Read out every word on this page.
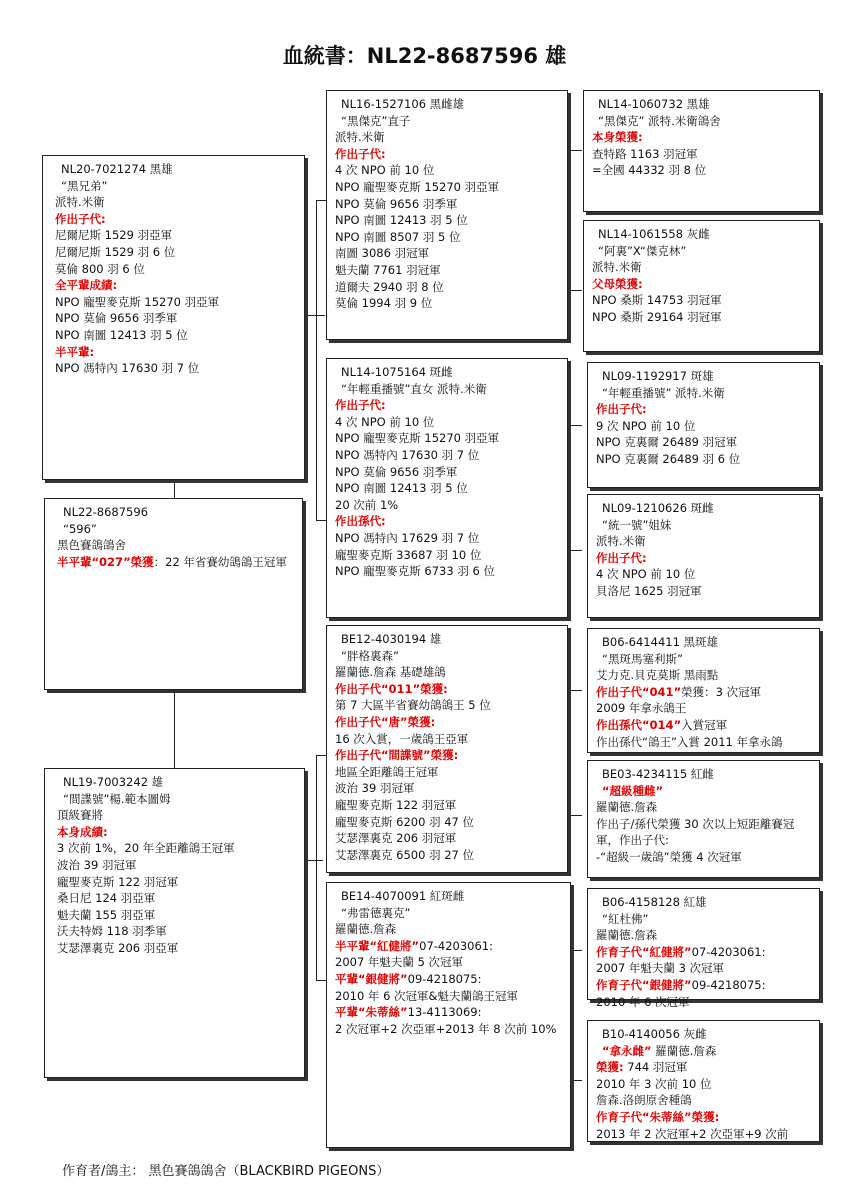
血統書：NL22-8687596 雄
NL20-7021274 黑雄
“黑兄弟”
派特.米衛
作出子代:
尼爾尼斯 1529 羽亞軍
尼爾尼斯 1529 羽 6 位
莫倫 800 羽 6 位
全平輩成績:
NPO 龐聖麥克斯 15270 羽亞軍
NPO 莫倫 9656 羽季軍
NPO 南圖 12413 羽 5 位
半平輩:
NPO 馮特內 17630 羽 7 位
NL22-8687596
“596”
黑色賽鴿鴿舍
半平輩“027”榮獲：22 年省賽幼鴿鴿王冠軍
NL19-7003242 雄
“間諜號”楊.範本圖姆
頂級賽將
本身成績:
3 次前 1%，20 年全距離鴿王冠軍
波治 39 羽冠軍
龐聖麥克斯 122 羽冠軍
桑日尼 124 羽亞軍
魁夫蘭 155 羽亞軍
沃夫特姆 118 羽季軍
艾瑟澤裏克 206 羽亞軍
NL16-1527106 黑雌雄
“黑傑克”直子
派特.米衛
作出子代:
4 次 NPO 前 10 位
NPO 龐聖麥克斯 15270 羽亞軍
NPO 莫倫 9656 羽季軍
NPO 南圖 12413 羽 5 位
NPO 南圖 8507 羽 5 位
南圖 3086 羽冠軍
魁夫蘭 7761 羽冠軍
道爾夫 2940 羽 8 位
莫倫 1994 羽 9 位
NL14-1075164 斑雌
“年輕重播號”直女 派特.米衛
作出子代:
4 次 NPO 前 10 位
NPO 龐聖麥克斯 15270 羽亞軍
NPO 馮特內 17630 羽 7 位
NPO 莫倫 9656 羽季軍
NPO 南圖 12413 羽 5 位
20 次前 1%
作出孫代:
NPO 馮特內 17629 羽 7 位
龐聖麥克斯 33687 羽 10 位
NPO 龐聖麥克斯 6733 羽 6 位
BE12-4030194 雄
“胖格裏森”
羅蘭德.詹森 基礎雄鴿
作出子代“011”榮獲:
第 7 大區半省賽幼鴿鴿王 5 位
作出子代“唐”榮獲:
16 次入賞，一歲鴿王亞軍
作出子代“間諜號”榮獲:
地區全距離鴿王冠軍
波治 39 羽冠軍
龐聖麥克斯 122 羽冠軍
龐聖麥克斯 6200 羽 47 位
艾瑟澤裏克 206 羽冠軍
艾瑟澤裏克 6500 羽 27 位
BE14-4070091 紅斑雌
“弗雷德裏克”
羅蘭德.詹森
半平輩“紅健將”07-4203061:
2007 年魁夫蘭 5 次冠軍
平輩“銀健將”09-4218075:
2010 年 6 次冠軍&魁夫蘭鴿王冠軍
平輩“朱蒂絲”13-4113069:
2 次冠軍+2 次亞軍+2013 年 8 次前 10%
NL14-1060732 黑雄
“黑傑克” 派特.米衛鴿舍
本身榮獲:
查特路 1163 羽冠軍
=全國 44332 羽 8 位
NL14-1061558 灰雌
“阿裏”X“傑克林”
派特.米衛
父母榮獲:
NPO 桑斯 14753 羽冠軍
NPO 桑斯 29164 羽冠軍
NL09-1192917 斑雄
“年輕重播號” 派特.米衛
作出子代:
9 次 NPO 前 10 位
NPO 克裏爾 26489 羽冠軍
NPO 克裏爾 26489 羽 6 位
NL09-1210626 斑雌
“統一號”姐妹
派特.米衛
作出子代:
4 次 NPO 前 10 位
貝洛尼 1625 羽冠軍
B06-6414411 黑斑雄
“黑斑馬塞利斯”
艾力克.貝克莫斯 黑雨點
作出子代“041”榮獲：3 次冠軍
2009 年拿永鴿王
作出孫代“014”入賞冠軍
作出孫代“鴿王”入賞 2011 年拿永鴿
BE03-4234115 紅雌
“超級種雌”
羅蘭德.詹森
作出子/孫代榮獲 30 次以上短距離賽冠軍，作出子代:
-“超級一歲鴿”榮獲 4 次冠軍
B06-4158128 紅雄
“紅杜佛”
羅蘭德.詹森
作育子代“紅健將”07-4203061:
2007 年魁夫蘭 3 次冠軍
作育子代“銀健將”09-4218075:
2010 年 6 次冠軍
B10-4140056 灰雌
“拿永雌” 羅蘭德.詹森
榮獲: 744 羽冠軍
2010 年 3 次前 10 位
詹森.洛朗原舍種鴿
作育子代“朱蒂絲”榮獲:
2013 年 2 次冠軍+2 次亞軍+9 次前
作育者/鴿主： 黑色賽鴿鴿舍（BLACKBIRD PIGEONS）
